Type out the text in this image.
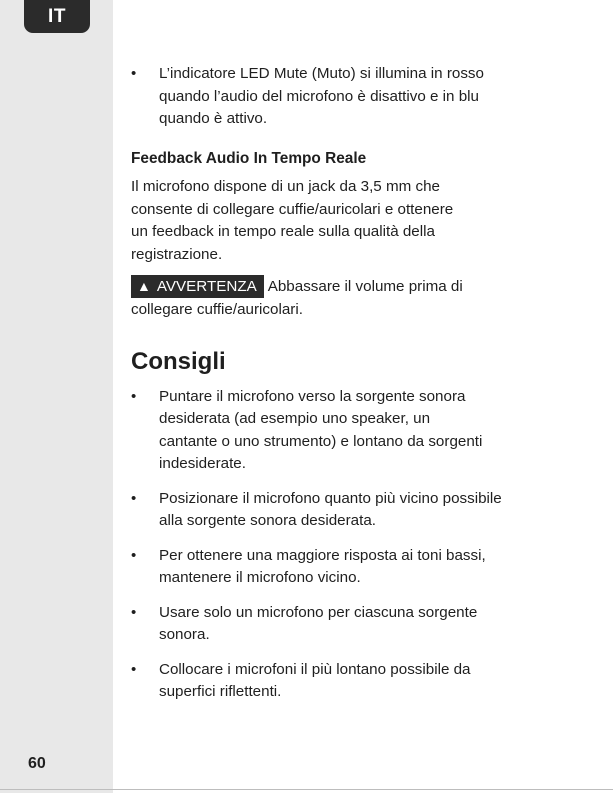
IT
60
• L’indicatore LED Mute (Muto) si illumina in rosso
quando l’audio del microfono è disattivo e in blu
quando è attivo.
Feedback Audio In Tempo Reale

Il microfono dispone di un jack da 3,5 mm che
consente di collegare cuffie/auricolari e ottenere
un feedback in tempo reale sulla qualità della
registrazione.

▲ AVVERTENZA Abbassare il volume prima di
collegare cuffie/auricolari.

Consigli
• Puntare il microfono verso la sorgente sonora
desiderata (ad esempio uno speaker, un
cantante o uno strumento) e lontano da sorgenti
indesiderate.
• Posizionare il microfono quanto più vicino possibile
alla sorgente sonora desiderata.
• Per ottenere una maggiore risposta ai toni bassi,
mantenere il microfono vicino.
• Usare solo un microfono per ciascuna sorgente
sonora.
• Collocare i microfoni il più lontano possibile da
superfici riflettenti.
